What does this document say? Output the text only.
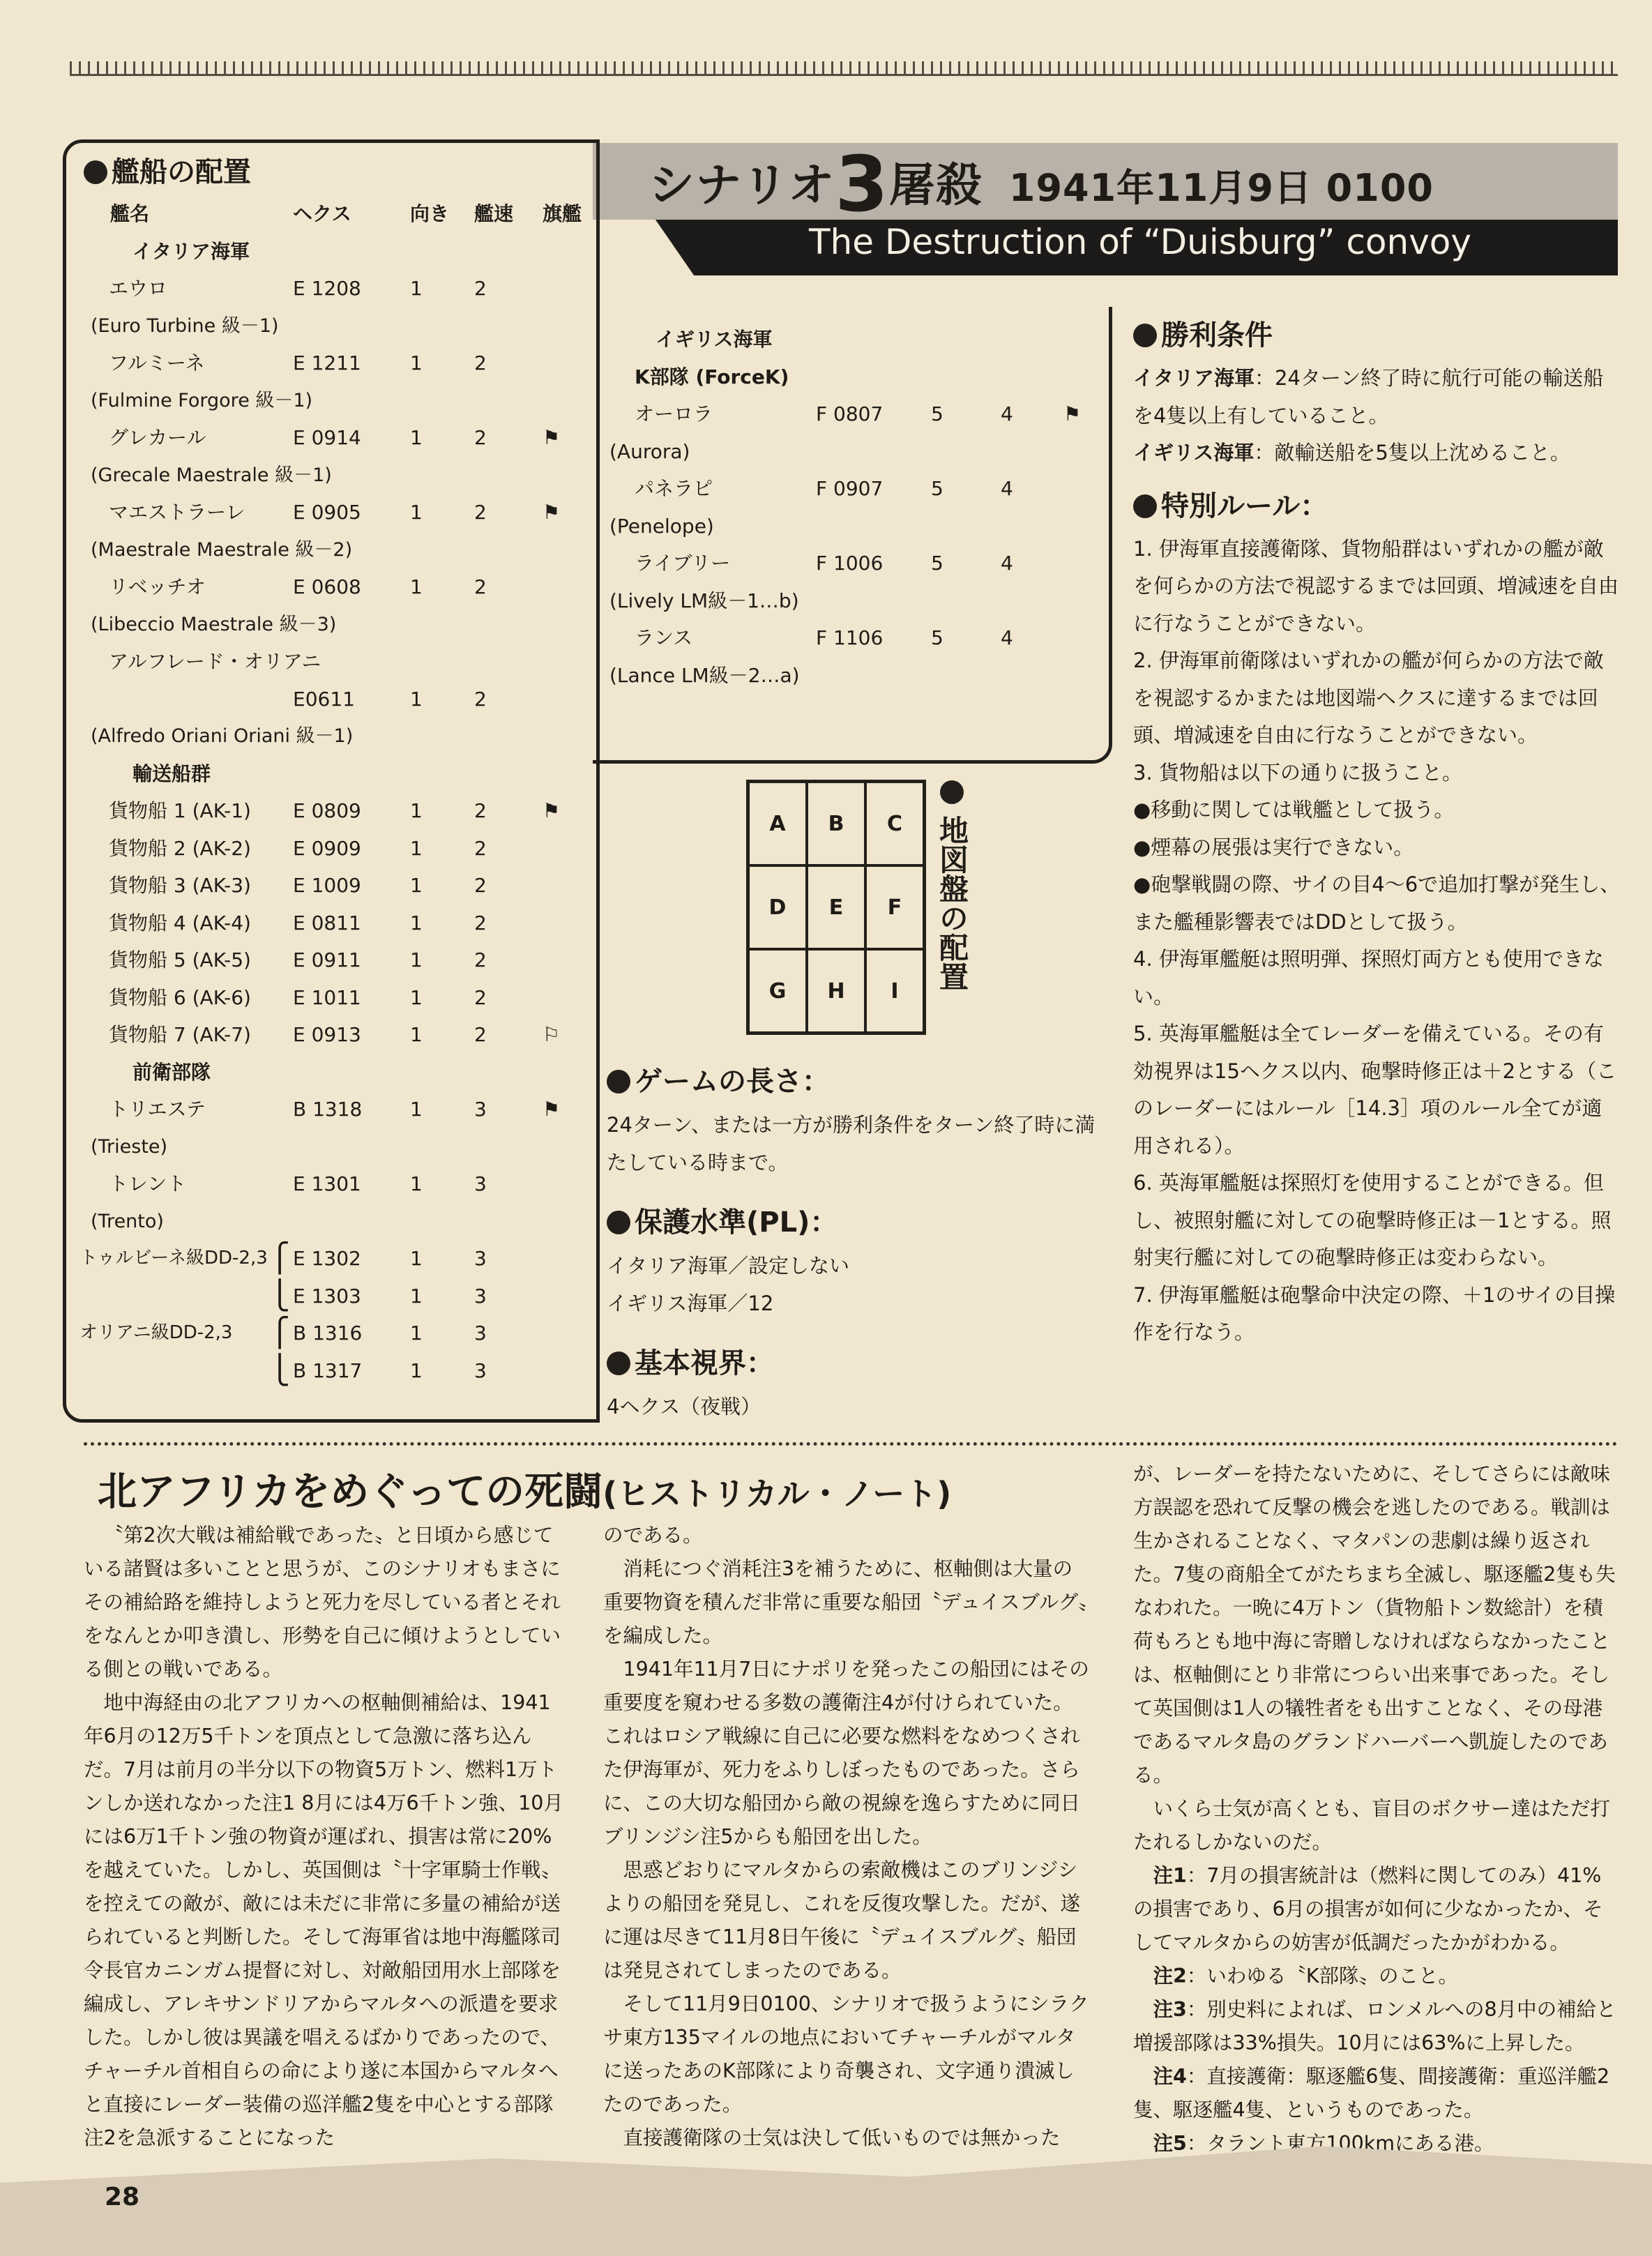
シナリオ3屠殺 1941年11月9日 0100
The Destruction of “Duisburg” convoy
艦船の配置
艦名	ヘクス	向き 艦速 旗艦
イタリア海軍
エウロ	E 1208	1	2
(Euro Turbine 級－1)
フルミーネ	E 1211	1	2
(Fulmine Forgore 級－1)
グレカール	E 0914	1	2	⚑
(Grecale Maestrale 級－1)
マエストラーレ E 0905	1	2	⚑
(Maestrale Maestrale 級－2)
リベッチオ	E 0608	1	2
(Libeccio Maestrale 級－3)
アルフレード・オリアニ
E0611	1	2
(Alfredo Oriani Oriani 級－1)
輸送船群
貨物船 1 (AK-1) E 0809	1	2	⚑
貨物船 2 (AK-2) E 0909	1	2
貨物船 3 (AK-3) E 1009	1	2
貨物船 4 (AK-4) E 0811	1	2
貨物船 5 (AK-5) E 0911	1	2
貨物船 6 (AK-6) E 1011	1	2
貨物船 7 (AK-7) E 0913	1	2	⚐
前衛部隊
トリエステ	B 1318 1	3	⚑
(Trieste)
トレント	E 1301	1	3
(Trento)
トゥルビーネ級DD-2,3 ⎧ E 1302	1	3
⎩ E 1303	1	3
オリアニ級DD-2,3 ⎧ B 1316 1	3
⎩ B 1317 1	3
イギリス海軍
K部隊 (ForceK)
オーロラ	F 0807 5	4	⚑
(Aurora)
パネラピ	F 0907 5	4
(Penelope)
ライブリー	F 1006 5	4
(Lively LM級－1…b)
ランス	F 1106 5	4
(Lance LM級－2…a)

勝利条件

イタリア海軍：24ターン終了時に航行可能の輸送船を4隻以上有していること。

イギリス海軍：敵輸送船を5隻以上沈めること。

特別ルール：

1. 伊海軍直接護衛隊、貨物船群はいずれかの艦が敵を何らかの方法で視認するまでは回頭、増減速を自由に行なうことができない。

2. 伊海軍前衛隊はいずれかの艦が何らかの方法で敵を視認するかまたは地図端ヘクスに達するまでは回頭、増減速を自由に行なうことができない。

3. 貨物船は以下の通りに扱うこと。

●移動に関しては戦艦として扱う。

●煙幕の展張は実行できない。

●砲撃戦闘の際、サイの目4～6で追加打撃が発生し、また艦種影響表ではDDとして扱う。

4. 伊海軍艦艇は照明弾、探照灯両方とも使用できない。

5. 英海軍艦艇は全てレーダーを備えている。その有効視界は15ヘクス以内、砲撃時修正は＋2とする（このレーダーにはルール［14.3］項のルール全てが適用される）。

6. 英海軍艦艇は探照灯を使用することができる。但し、被照射艦に対しての砲撃時修正は－1とする。照射実行艦に対しての砲撃時修正は変わらない。

7. 伊海軍艦艇は砲撃命中決定の際、＋1のサイの目操作を行なう。

A	B	C
D	E	F
G	H	I	地図盤の配置

ゲームの長さ：

24ターン、または一方が勝利条件をターン終了時に満たしている時まで。

保護水準(PL)：

イタリア海軍／設定しない

イギリス海軍／12

基本視界：

4ヘクス（夜戦）

北アフリカをめぐっての死闘(ヒストリカル・ノート)

〝第2次大戦は補給戦であった〟と日頃から感じている諸賢は多いことと思うが、このシナリオもまさにその補給路を維持しようと死力を尽している者とそれをなんとか叩き潰し、形勢を自己に傾けようとしている側との戦いである。

地中海経由の北アフリカへの枢軸側補給は、1941年6月の12万5千トンを頂点として急激に落ち込んだ。7月は前月の半分以下の物資5万トン、燃料1万トンしか送れなかった注1 8月には4万6千トン強、10月には6万1千トン強の物資が運ばれ、損害は常に20%を越えていた。しかし、英国側は〝十字軍騎士作戦〟を控えての敵が、敵には未だに非常に多量の補給が送られていると判断した。そして海軍省は地中海艦隊司令長官カニンガム提督に対し、対敵船団用水上部隊を編成し、アレキサンドリアからマルタへの派遣を要求した。しかし彼は異議を唱えるばかりであったので、チャーチル首相自らの命により遂に本国からマルタへと直接にレーダー装備の巡洋艦2隻を中心とする部隊注2を急派することになった

のである。

消耗につぐ消耗注3を補うために、枢軸側は大量の重要物資を積んだ非常に重要な船団〝デュイスブルグ〟を編成した。

1941年11月7日にナポリを発ったこの船団にはその重要度を窺わせる多数の護衛注4が付けられていた。これはロシア戦線に自己に必要な燃料をなめつくされた伊海軍が、死力をふりしぼったものであった。さらに、この大切な船団から敵の視線を逸らすために同日ブリンジシ注5からも船団を出した。

思惑どおりにマルタからの索敵機はこのブリンジシよりの船団を発見し、これを反復攻撃した。だが、遂に運は尽きて11月8日午後に〝デュイスブルグ〟船団は発見されてしまったのである。

そして11月9日0100、シナリオで扱うようにシラクサ東方135マイルの地点においてチャーチルがマルタに送ったあのK部隊により奇襲され、文字通り潰滅したのであった。

直接護衛隊の士気は決して低いものでは無かった

が、レーダーを持たないために、そしてさらには敵味方誤認を恐れて反撃の機会を逃したのである。戦訓は生かされることなく、マタパンの悲劇は繰り返された。7隻の商船全てがたちまち全滅し、駆逐艦2隻も失なわれた。一晩に4万トン（貨物船トン数総計）を積荷もろとも地中海に寄贈しなければならなかったことは、枢軸側にとり非常につらい出来事であった。そして英国側は1人の犠牲者をも出すことなく、その母港であるマルタ島のグランドハーバーへ凱旋したのである。

いくら士気が高くとも、盲目のボクサー達はただ打たれるしかないのだ。

注1：7月の損害統計は（燃料に関してのみ）41%の損害であり、6月の損害が如何に少なかったか、そしてマルタからの妨害が低調だったかがわかる。

注2：いわゆる〝K部隊〟のこと。

注3：別史料によれば、ロンメルへの8月中の補給と増援部隊は33%損失。10月には63%に上昇した。

注4：直接護衛：駆逐艦6隻、間接護衛：重巡洋艦2隻、駆逐艦4隻、というものであった。

注5：タラント東方100kmにある港。

28
